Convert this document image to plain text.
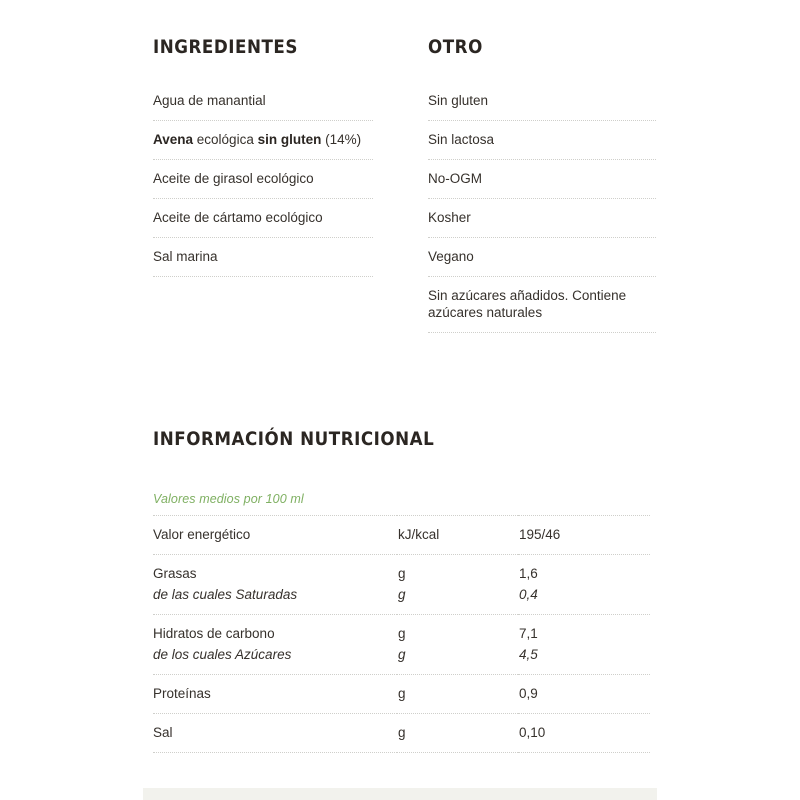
INGREDIENTES
Agua de manantial
Avena ecológica sin gluten (14%)
Aceite de girasol ecológico
Aceite de cártamo ecológico
Sal marina
OTRO
Sin gluten
Sin lactosa
No-OGM
Kosher
Vegano
Sin azúcares añadidos. Contiene azúcares naturales
INFORMACIÓN NUTRICIONAL
Valores medios por 100 ml
Valor energético	kJ/kcal	195/46
Grasas	g	1,6
de las cuales Saturadas	g	0,4
Hidratos de carbono	g	7,1
de los cuales Azúcares	g	4,5
Proteínas	g	0,9
Sal	g	0,10
